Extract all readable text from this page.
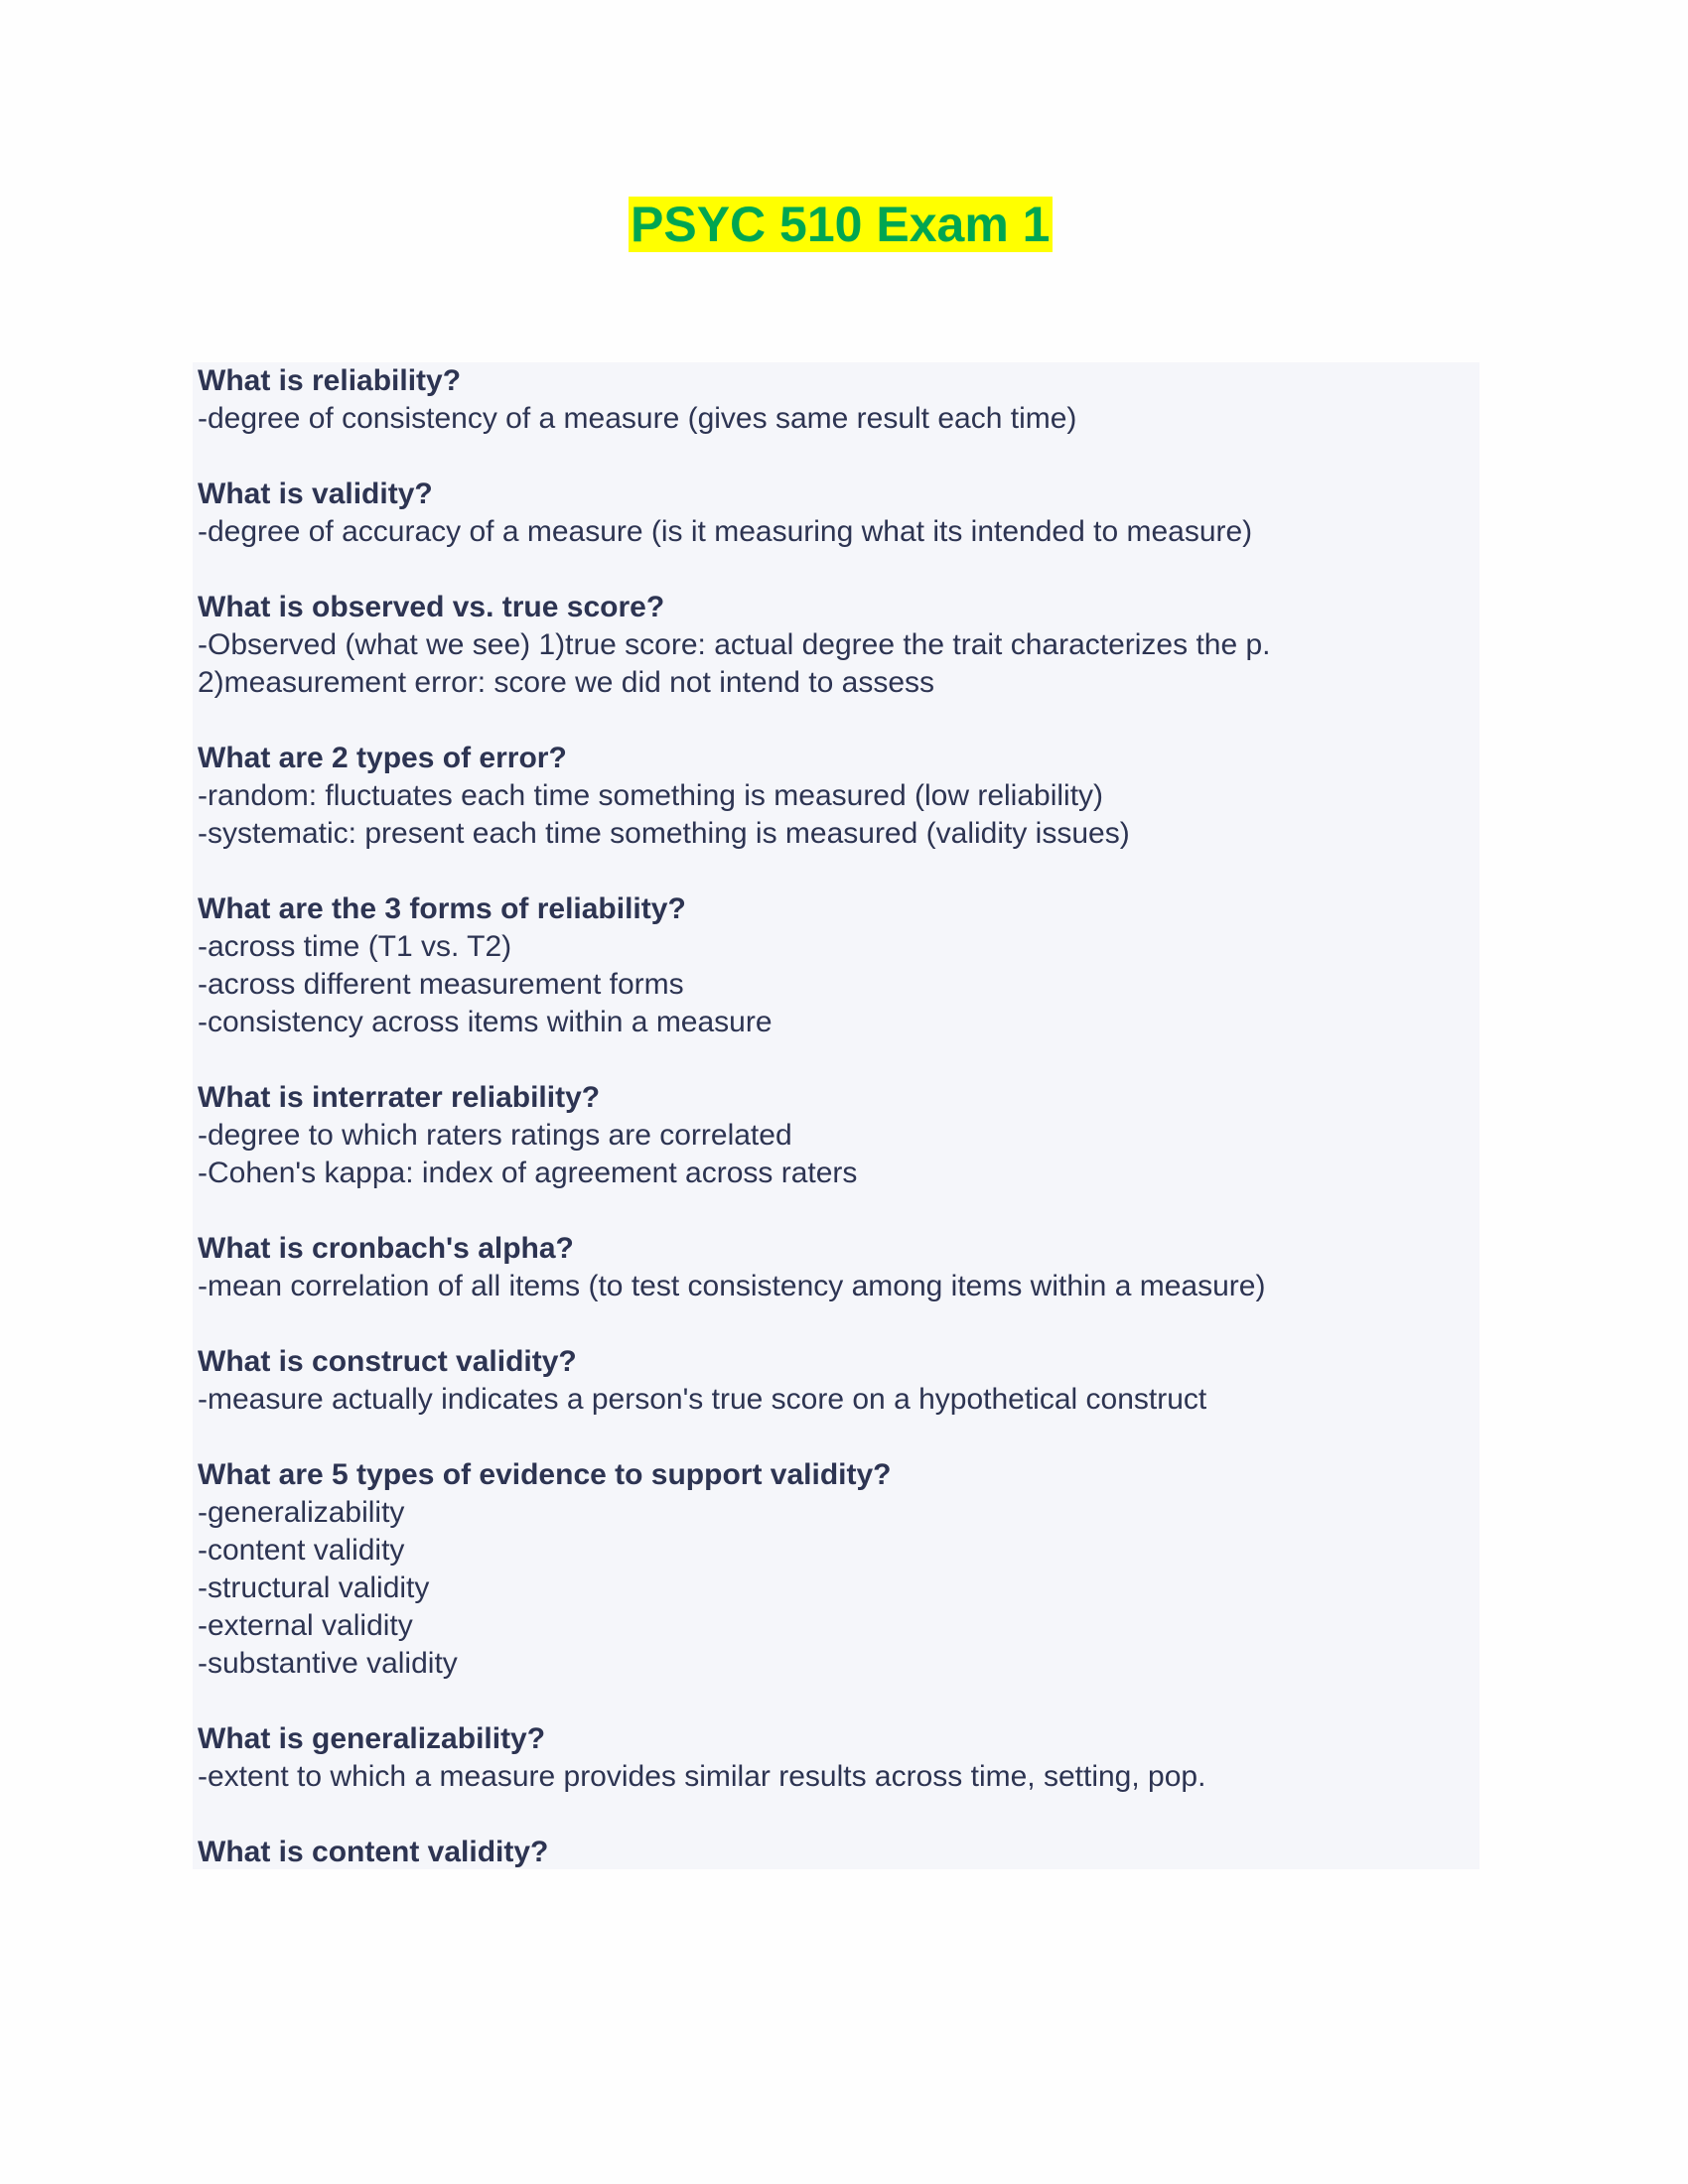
PSYC 510 Exam 1
What is reliability?
-degree of consistency of a measure (gives same result each time)
What is validity?
-degree of accuracy of a measure (is it measuring what its intended to measure)
What is observed vs. true score?
-Observed (what we see) 1)true score: actual degree the trait characterizes the p.
2)measurement error: score we did not intend to assess
What are 2 types of error?
-random: fluctuates each time something is measured (low reliability)
-systematic: present each time something is measured (validity issues)
What are the 3 forms of reliability?
-across time (T1 vs. T2)
-across different measurement forms
-consistency across items within a measure
What is interrater reliability?
-degree to which raters ratings are correlated
-Cohen's kappa: index of agreement across raters
What is cronbach's alpha?
-mean correlation of all items (to test consistency among items within a measure)
What is construct validity?
-measure actually indicates a person's true score on a hypothetical construct
What are 5 types of evidence to support validity?
-generalizability
-content validity
-structural validity
-external validity
-substantive validity
What is generalizability?
-extent to which a measure provides similar results across time, setting, pop.
What is content validity?
